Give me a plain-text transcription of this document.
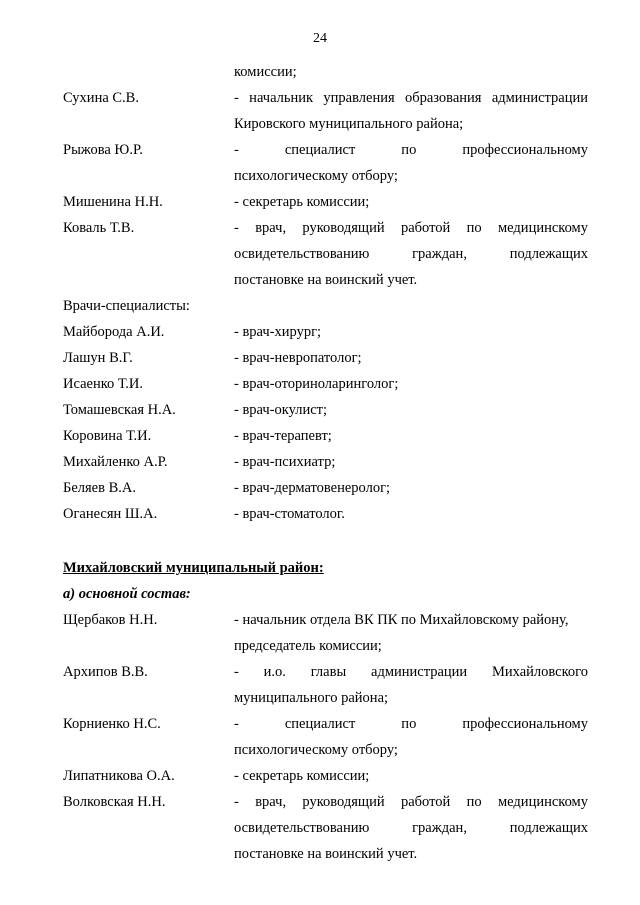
24
комиссии;
Сухина С.В.	- начальник управления образования администрации
Кировского муниципального района;
Рыжова Ю.Р.	- специалист по профессиональному
психологическому отбору;
Мишенина Н.Н.	- секретарь комиссии;
Коваль Т.В.	- врач, руководящий работой по медицинскому
освидетельствованию граждан, подлежащих
постановке на воинский учет.
Врачи-специалисты:
Майборода А.И.	- врач-хирург;
Лашун В.Г.	- врач-невропатолог;
Исаенко Т.И.	- врач-оториноларинголог;
Томашевская Н.А.	- врач-окулист;
Коровина Т.И.	- врач-терапевт;
Михайленко А.Р.	- врач-психиатр;
Беляев В.А.	- врач-дерматовенеролог;
Оганесян Ш.А.	- врач-стоматолог.
Михайловский муниципальный район:
а) основной состав:
Щербаков Н.Н.	- начальник отдела ВК ПК по Михайловскому району,
председатель комиссии;
Архипов В.В.	- и.о. главы администрации Михайловского
муниципального района;
Корниенко Н.С.	- специалист по профессиональному
психологическому отбору;
Липатникова О.А.	- секретарь комиссии;
Волковская Н.Н.	- врач, руководящий работой по медицинскому
освидетельствованию граждан, подлежащих
постановке на воинский учет.
